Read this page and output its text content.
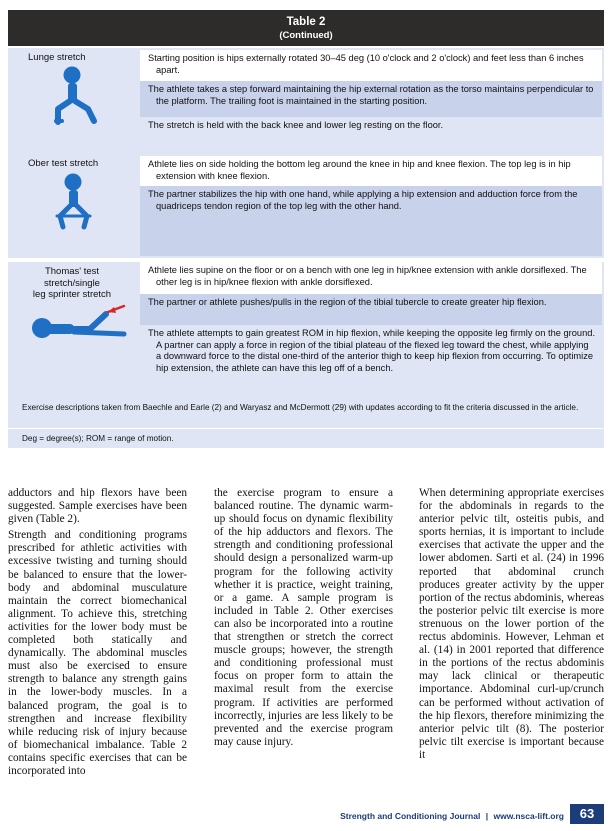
Table 2
(Continued)
Lunge stretch	Starting position is hips externally rotated 30–45 deg (10 o'clock and 2 o'clock) and feet less than 6 inches apart.
The athlete takes a step forward maintaining the hip external rotation as the torso maintains perpendicular to the platform. The trailing foot is maintained in the starting position.
The stretch is held with the back knee and lower leg resting on the floor.
Ober test stretch	Athlete lies on side holding the bottom leg around the knee in hip and knee flexion. The top leg is in hip extension with knee flexion.
The partner stabilizes the hip with one hand, while applying a hip extension and adduction force from the quadriceps tendon region of the top leg with the other hand.
Thomas' test
stretch/single
leg sprinter stretch
Athlete lies supine on the floor or on a bench with one leg in hip/knee extension with ankle dorsiflexed. The other leg is in hip/knee flexion with ankle dorsiflexed.
The partner or athlete pushes/pulls in the region of the tibial tubercle to create greater hip flexion.
The athlete attempts to gain greatest ROM in hip flexion, while keeping the opposite leg firmly on the ground. A partner can apply a force in region of the tibial plateau of the flexed leg toward the chest, while applying a downward force to the distal one-third of the anterior thigh to keep hip flexion from occurring. To optimize hip extension, the athlete can have this leg off of a bench.
Exercise descriptions taken from Baechle and Earle (2) and Waryasz and McDermott (29) with updates according to fit the criteria discussed in the article.
Deg = degree(s); ROM = range of motion.

adductors and hip flexors have been suggested. Sample exercises have been given (Table 2).

Strength and conditioning programs prescribed for athletic activities with excessive twisting and turning should be balanced to ensure that the lower-body and abdominal musculature maintain the correct biomechanical alignment. To achieve this, stretching activities for the lower body must be completed both statically and dynamically. The abdominal muscles must also be exercised to ensure strength to balance any strength gains in the lower-body muscles. In a balanced program, the goal is to strengthen and increase flexibility while reducing risk of injury because of biomechanical imbalance. Table 2 contains specific exercises that can be incorporated into

the exercise program to ensure a balanced routine. The dynamic warm-up should focus on dynamic flexibility of the hip adductors and flexors. The strength and conditioning professional should design a personalized warm-up program for the following activity whether it is practice, weight training, or a game. A sample program is included in Table 2. Other exercises can also be incorporated into a routine that strengthen or stretch the correct muscle groups; however, the strength and conditioning professional must focus on proper form to attain the maximal result from the exercise program. If activities are performed incorrectly, injuries are less likely to be prevented and the exercise program may cause injury.

When determining appropriate exercises for the abdominals in regards to the anterior pelvic tilt, osteitis pubis, and sports hernias, it is important to include exercises that activate the upper and the lower abdomen. Sarti et al. (24) in 1996 reported that abdominal crunch produces greater activity by the upper portion of the rectus abdominis, whereas the posterior pelvic tilt exercise is more strenuous on the lower portion of the rectus abdominis. However, Lehman et al. (14) in 2001 reported that difference in the portions of the rectus abdominis may lack clinical or therapeutic importance. Abdominal curl-up/crunch can be performed without activation of the hip flexors, therefore minimizing the anterior pelvic tilt (8). The posterior pelvic tilt exercise is important because it

Strength and Conditioning Journal | www.nsca-lift.org	63
